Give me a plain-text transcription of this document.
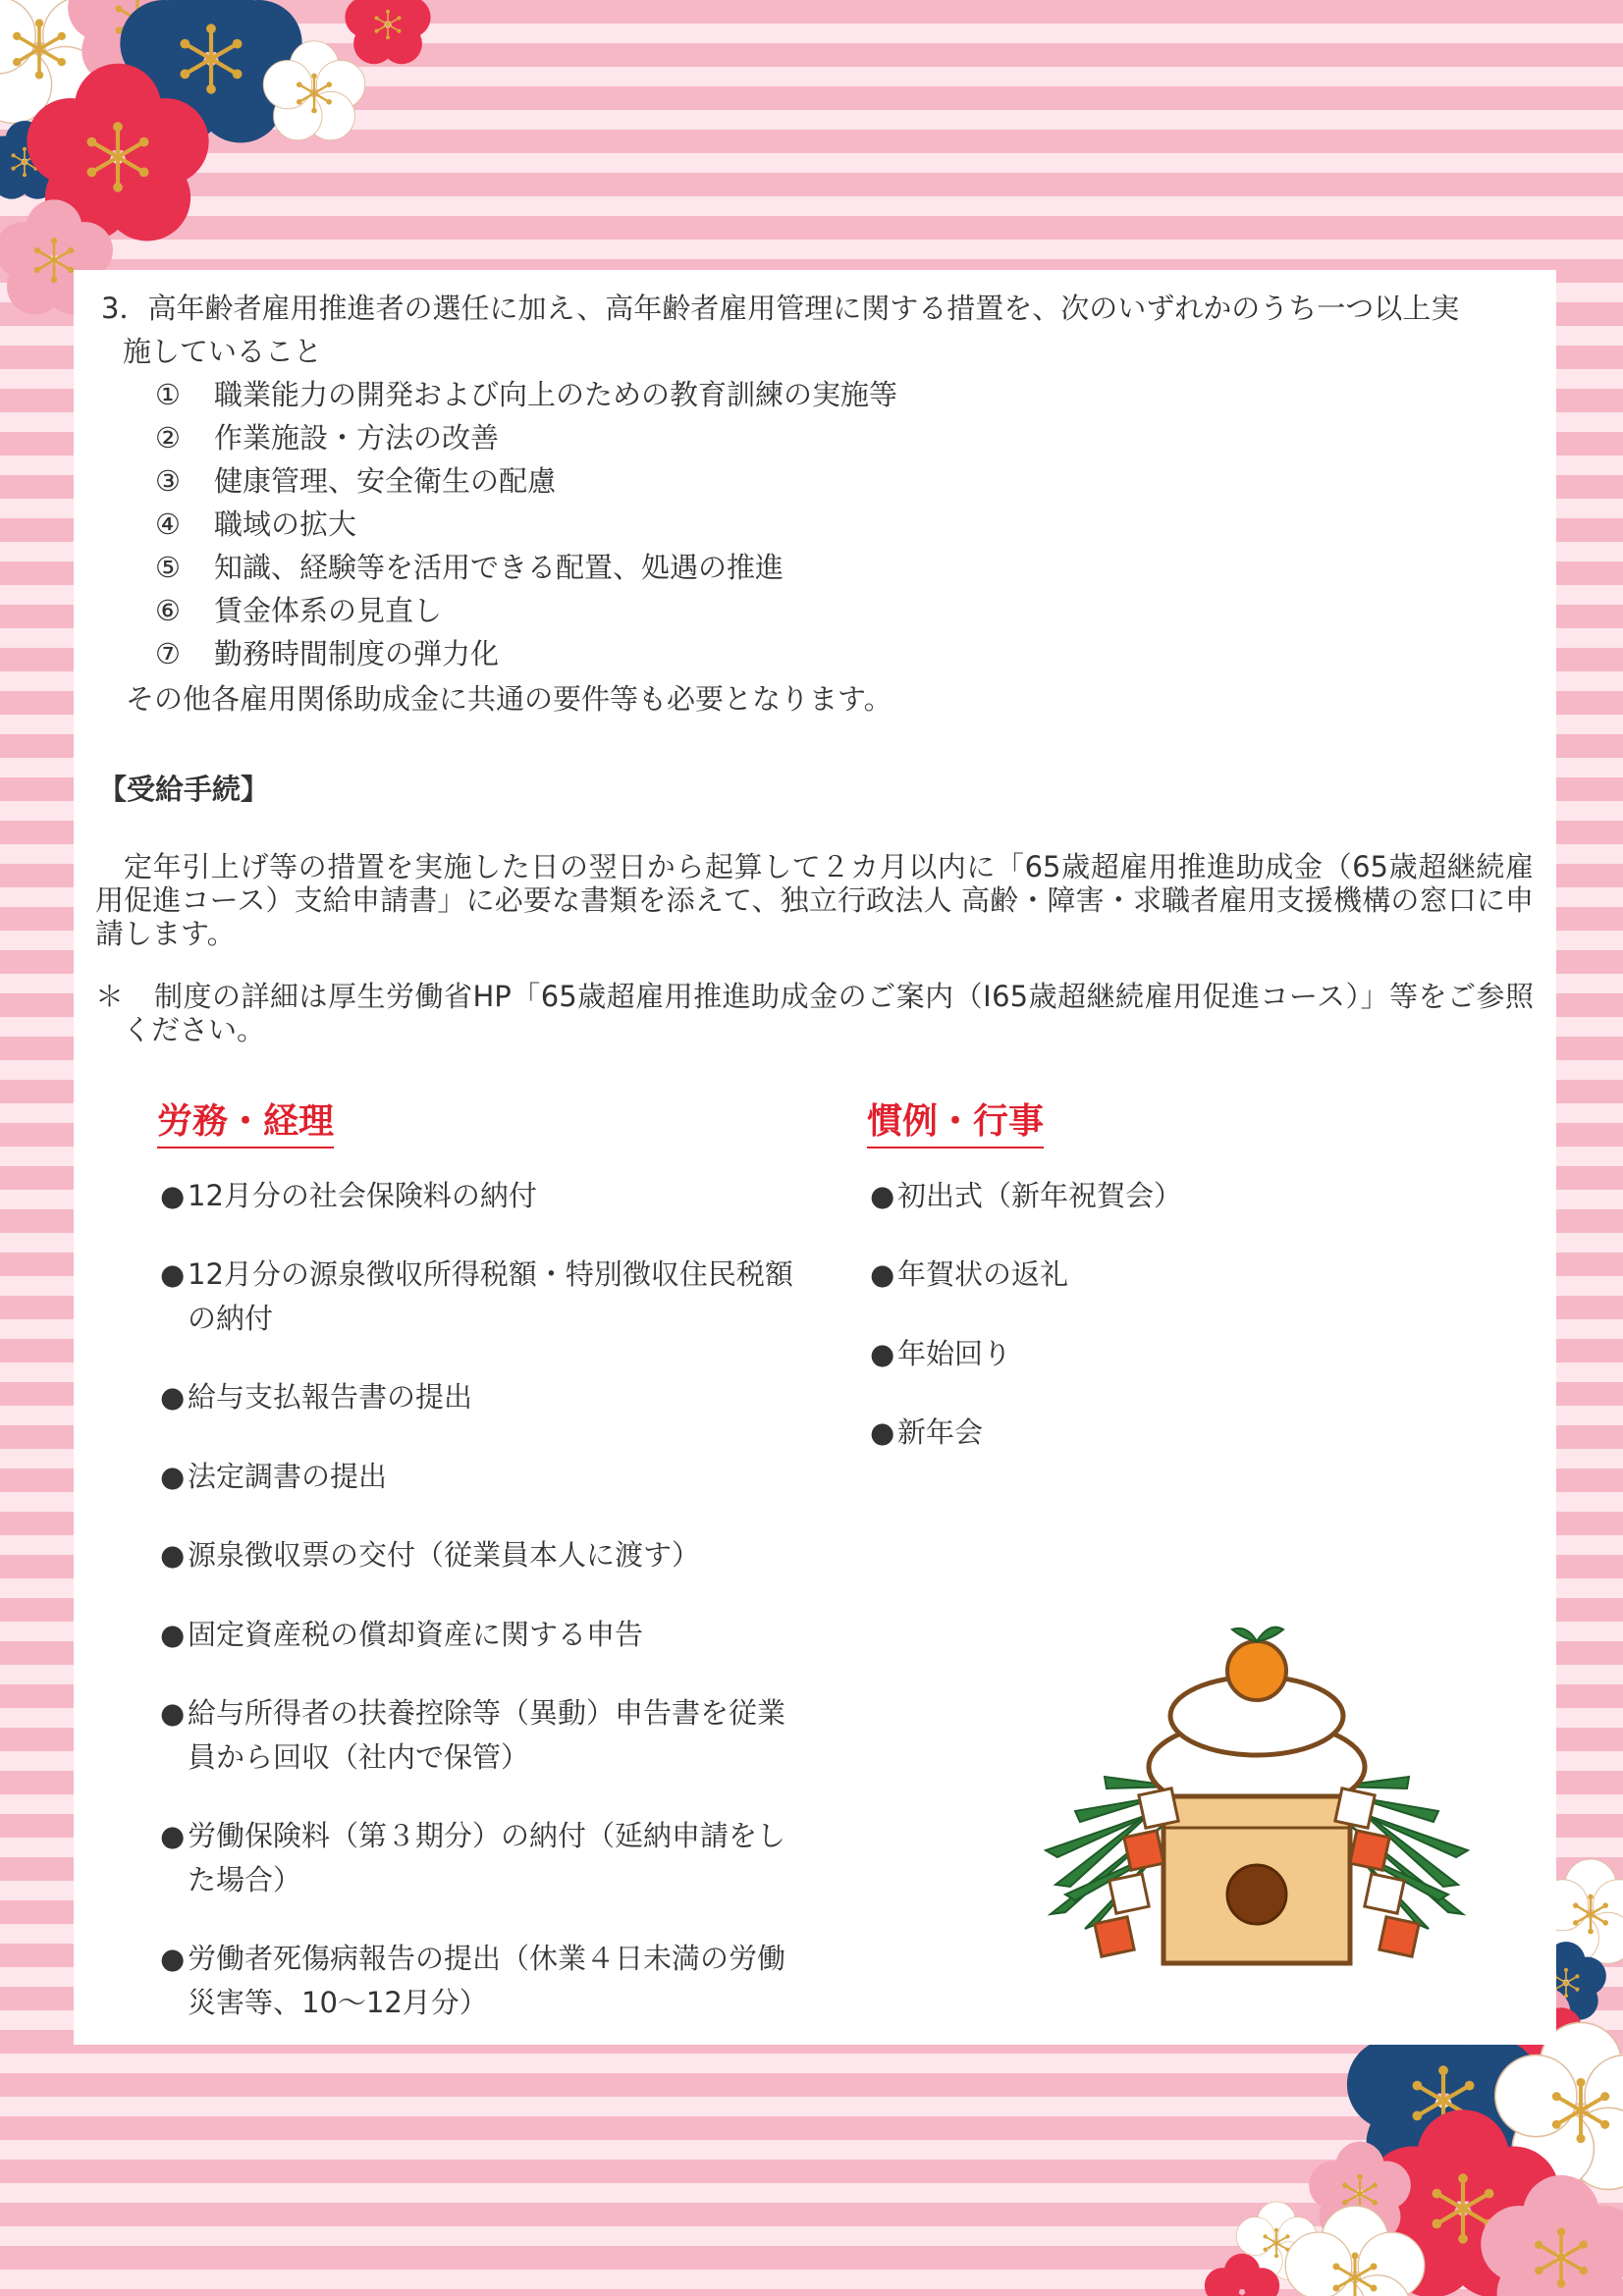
3．高年齢者雇用推進者の選任に加え、高年齢者雇用管理に関する措置を、次のいずれかのうち一つ以上実
施していること
① 職業能力の開発および向上のための教育訓練の実施等
② 作業施設・方法の改善
③ 健康管理、安全衛生の配慮
④ 職域の拡大
⑤ 知識、経験等を活用できる配置、処遇の推進
⑥ 賃金体系の見直し
⑦ 勤務時間制度の弾力化
その他各雇用関係助成金に共通の要件等も必要となります。
【受給手続】
定年引上げ等の措置を実施した日の翌日から起算して２カ月以内に「65歳超雇用推進助成金（65歳超継続雇用促進コース）支給申請書」に必要な書類を添えて、独立行政法人 高齢・障害・求職者雇用支援機構の窓口に申請します。
＊	制度の詳細は厚生労働省HP「65歳超雇用推進助成金のご案内（Ⅰ65歳超継続雇用促進コース）」等をご参照ください。
労務・経理
● 12月分の社会保険料の納付
● 12月分の源泉徴収所得税額・特別徴収住民税額の納付
● 給与支払報告書の提出
● 法定調書の提出
● 源泉徴収票の交付（従業員本人に渡す）
● 固定資産税の償却資産に関する申告
● 給与所得者の扶養控除等（異動）申告書を従業員から回収（社内で保管）
● 労働保険料（第３期分）の納付（延納申請をした場合）
● 労働者死傷病報告の提出（休業４日未満の労働災害等、10～12月分）
慣例・行事
● 初出式（新年祝賀会）
● 年賀状の返礼
● 年始回り
● 新年会
